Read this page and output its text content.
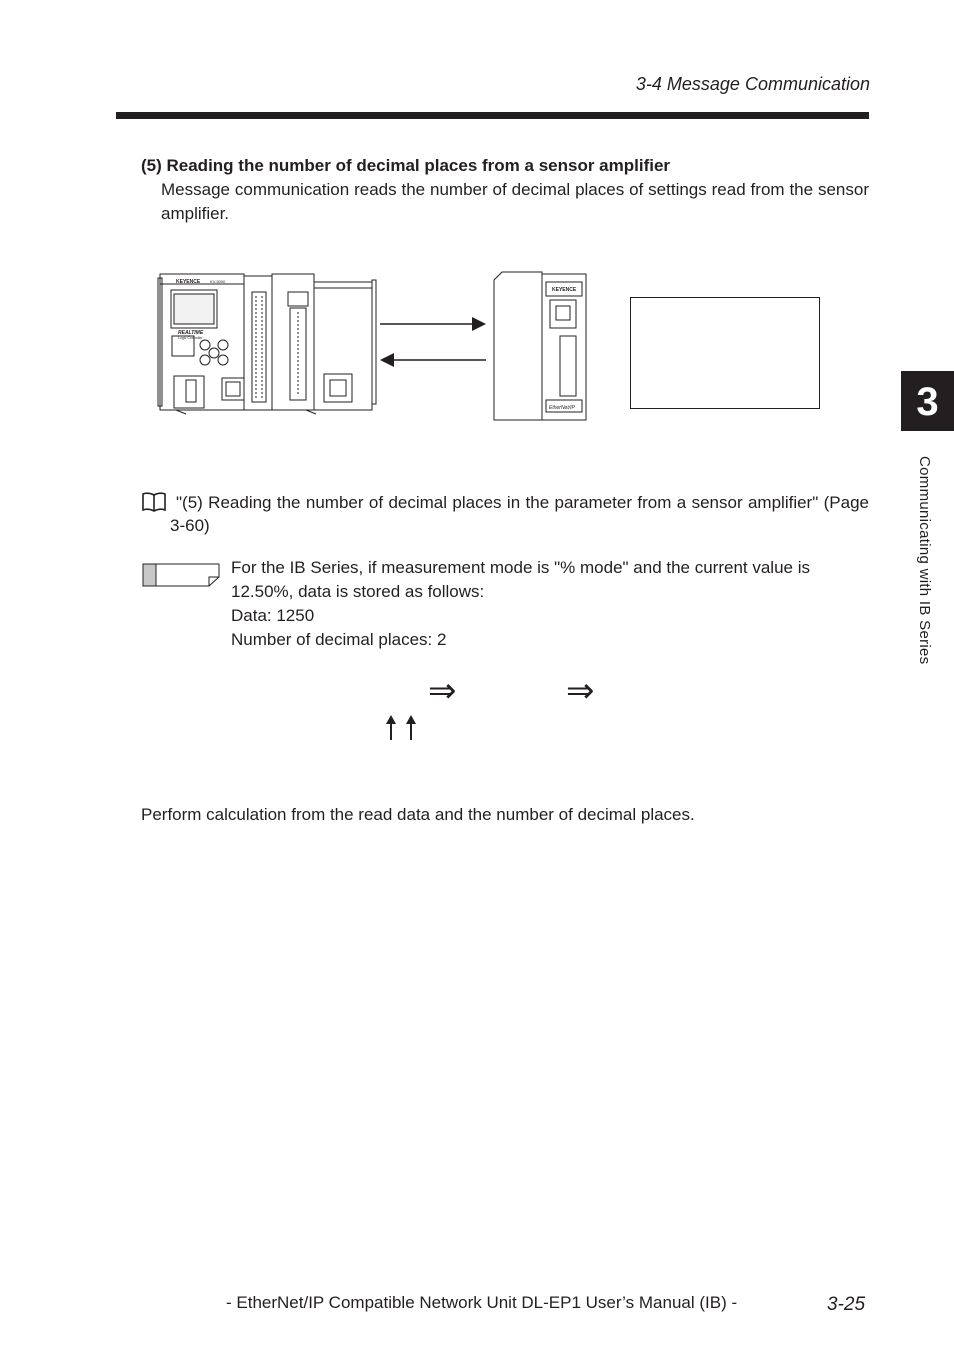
3-4 Message Communication
(5) Reading the number of decimal places from a sensor amplifier
Message communication reads the number of decimal places of settings read from the sensor amplifier.
KEYENCE KV-5000
REALTIME
Logic Controller
KEYENCE
EtherNet/IP
"(5) Reading the number of decimal places in the parameter from a sensor amplifier" (Page 3-60)
For the IB Series, if measurement mode is "% mode" and the current value is 12.50%, data is stored as follows:
Data: 1250
Number of decimal places: 2
⇒	⇒
Perform calculation from the read data and the number of decimal places.
3
Communicating with IB Series
- EtherNet/IP Compatible Network Unit DL-EP1 User’s Manual (IB) -	3-25
